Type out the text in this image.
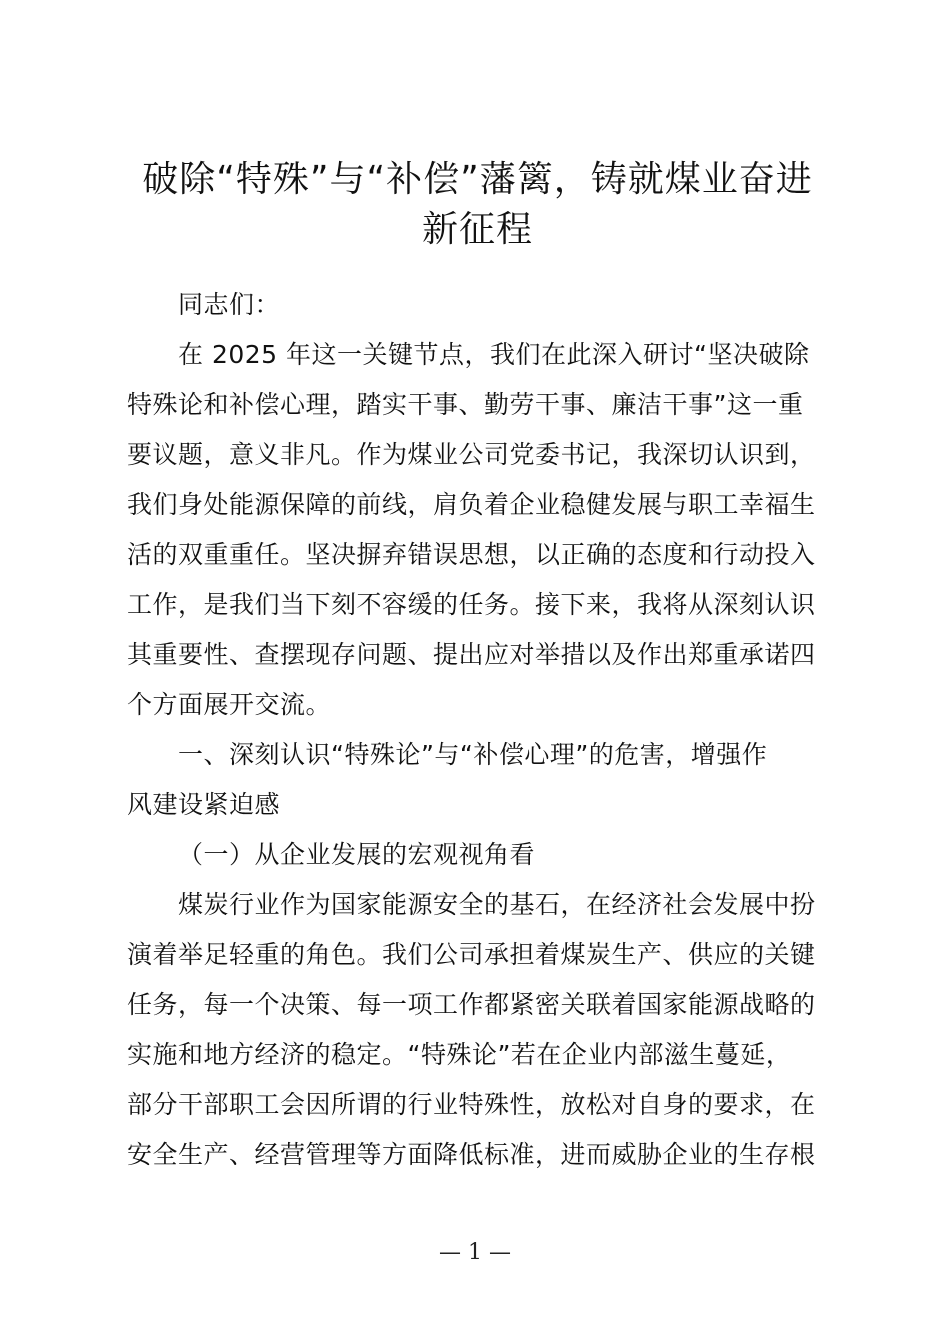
破除“特殊”与“补偿”藩篱，铸就煤业奋进
新征程
同志们：
在 2025 年这一关键节点，我们在此深入研讨“坚决破除
特殊论和补偿心理，踏实干事、勤劳干事、廉洁干事”这一重
要议题，意义非凡。作为煤业公司党委书记，我深切认识到，
我们身处能源保障的前线，肩负着企业稳健发展与职工幸福生
活的双重重任。坚决摒弃错误思想，以正确的态度和行动投入
工作，是我们当下刻不容缓的任务。接下来，我将从深刻认识
其重要性、查摆现存问题、提出应对举措以及作出郑重承诺四
个方面展开交流。
一、深刻认识“特殊论”与“补偿心理”的危害，增强作
风建设紧迫感
（一）从企业发展的宏观视角看
煤炭行业作为国家能源安全的基石，在经济社会发展中扮
演着举足轻重的角色。我们公司承担着煤炭生产、供应的关键
任务，每一个决策、每一项工作都紧密关联着国家能源战略的
实施和地方经济的稳定。“特殊论”若在企业内部滋生蔓延，
部分干部职工会因所谓的行业特殊性，放松对自身的要求，在
安全生产、经营管理等方面降低标准，进而威胁企业的生存根
— 1 —
